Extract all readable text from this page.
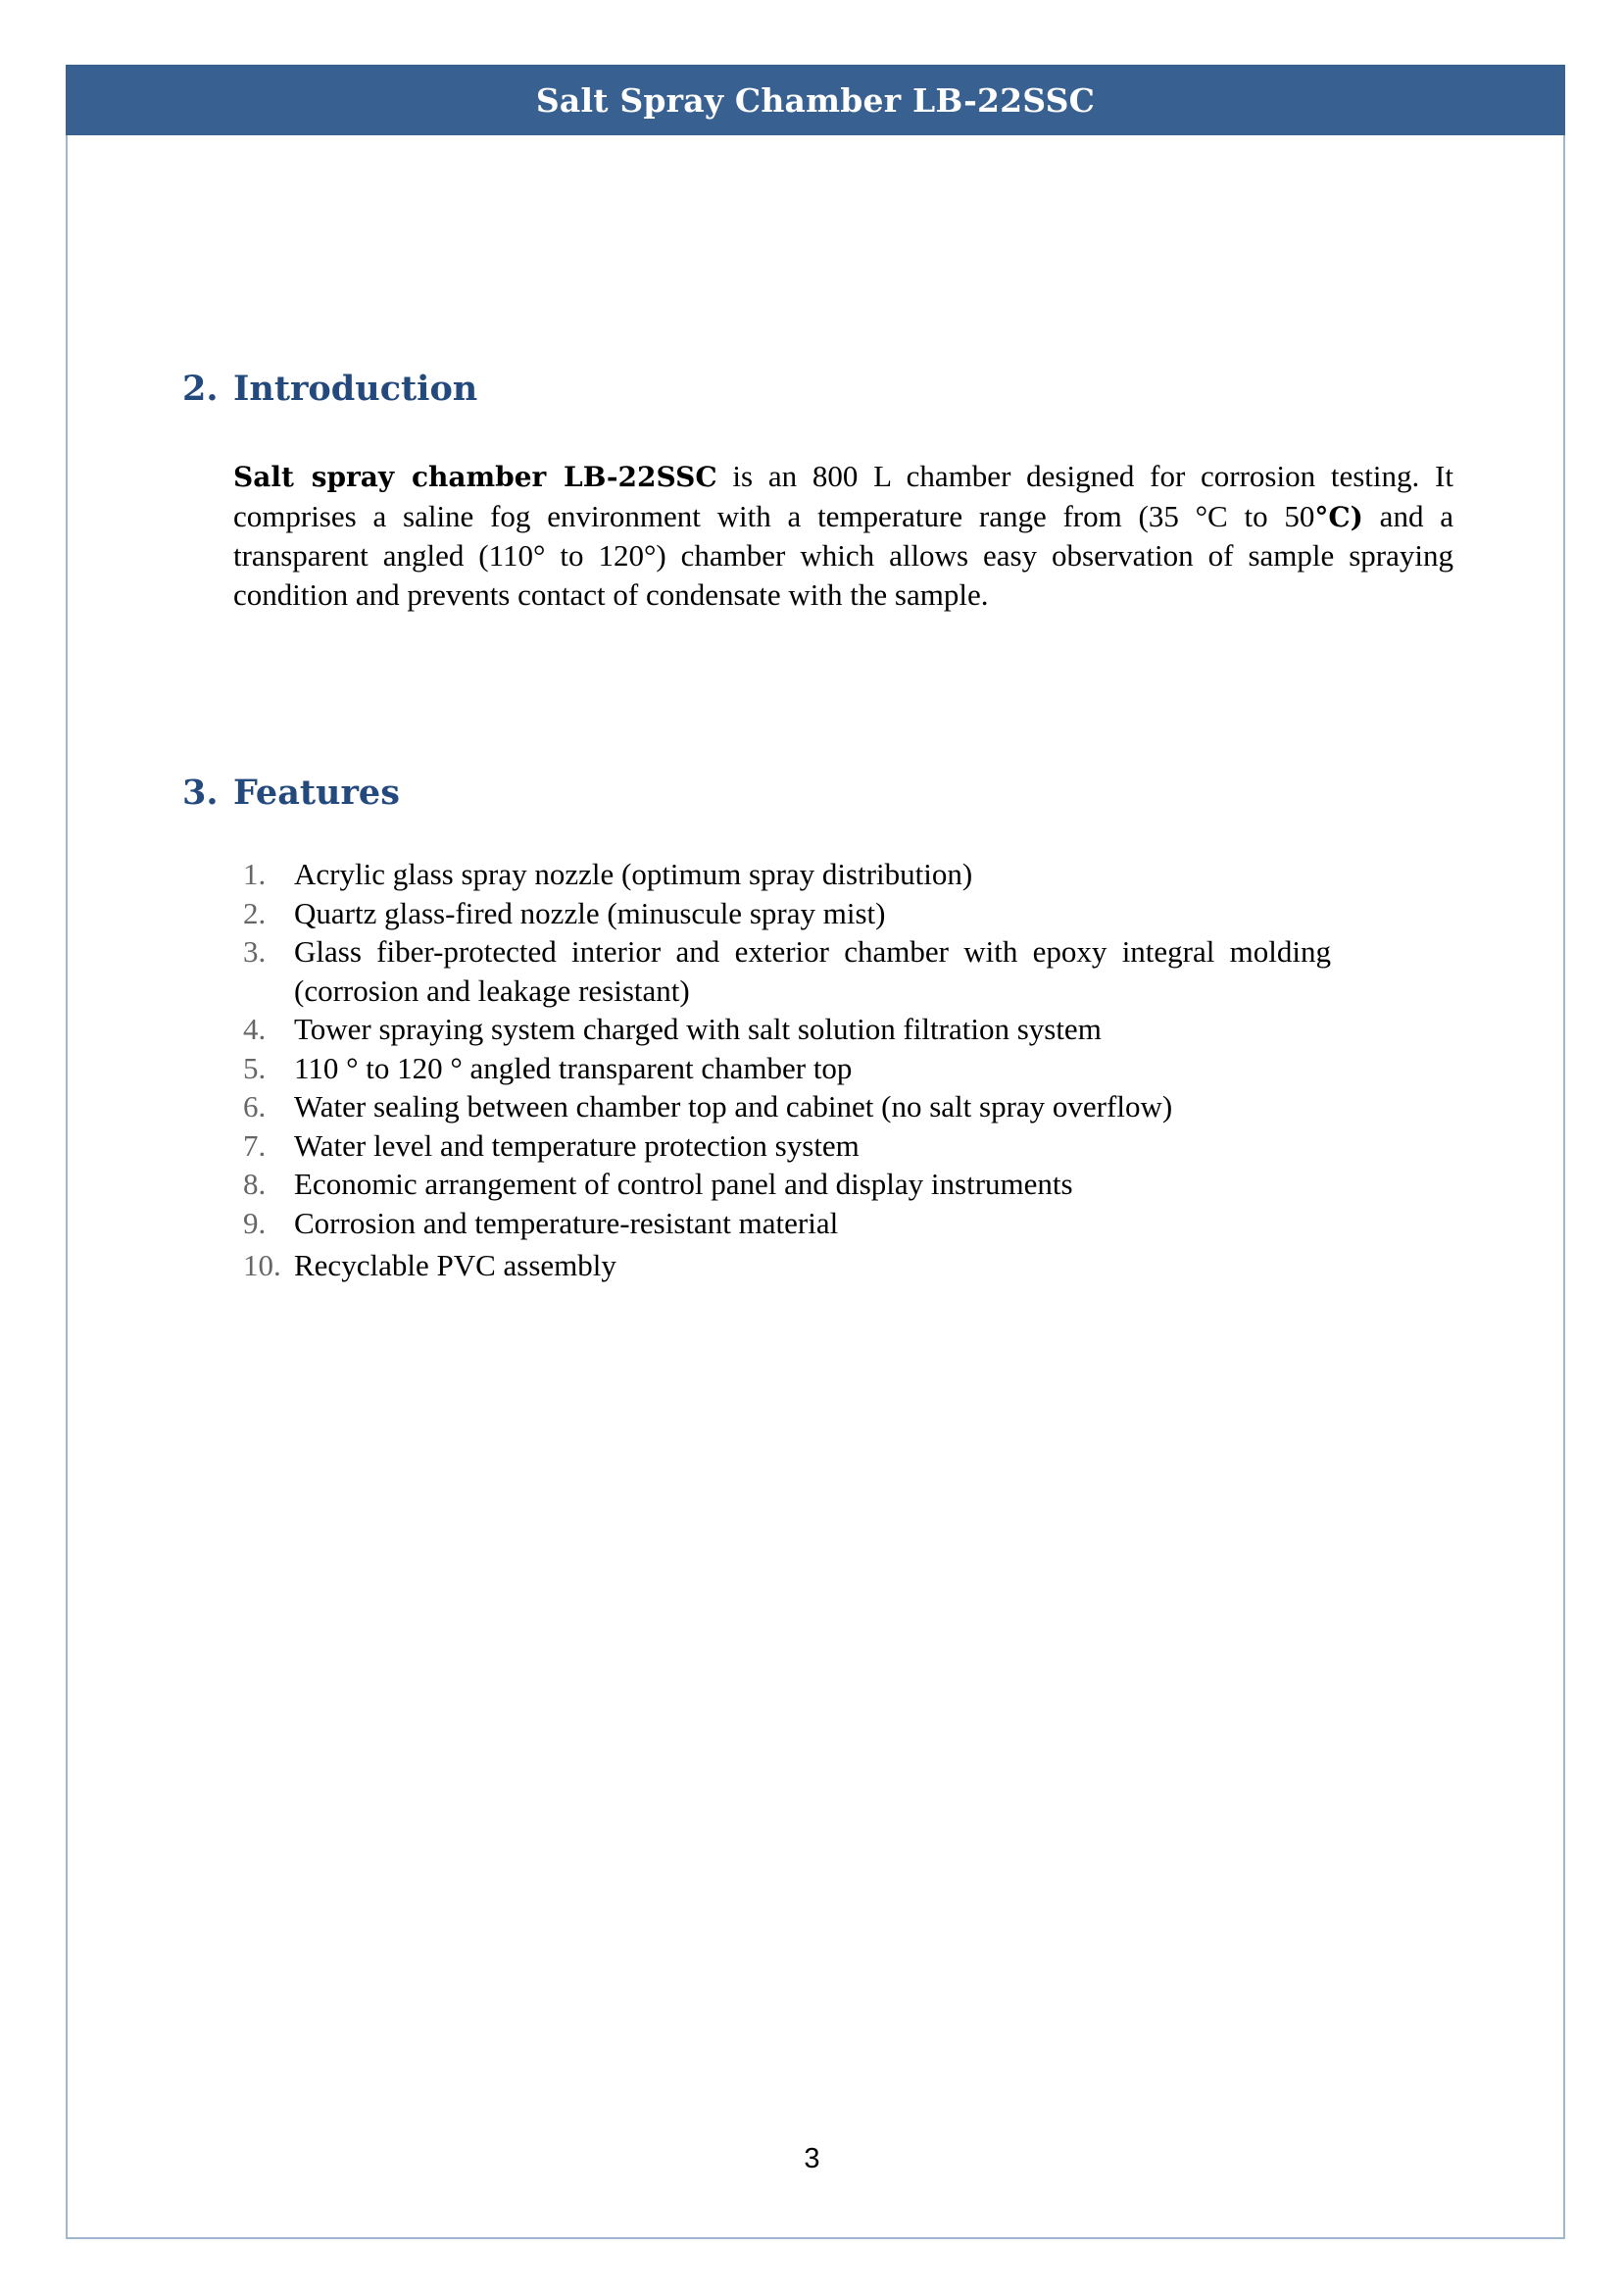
Salt Spray Chamber LB-22SSC
2. Introduction

Salt spray chamber LB-22SSC is an 800 L chamber designed for corrosion testing. It comprises a saline fog environment with a temperature range from (35 °C to 50°C) and a transparent angled (110° to 120°) chamber which allows easy observation of sample spraying condition and prevents contact of condensate with the sample.

3. Features
1. Acrylic glass spray nozzle (optimum spray distribution)
2. Quartz glass-fired nozzle (minuscule spray mist)
3. Glass fiber-protected interior and exterior chamber with epoxy integral molding (corrosion and leakage resistant)
4. Tower spraying system charged with salt solution filtration system
5. 110 ° to 120 ° angled transparent chamber top
6. Water sealing between chamber top and cabinet (no salt spray overflow)
7. Water level and temperature protection system
8. Economic arrangement of control panel and display instruments
9. Corrosion and temperature-resistant material
10. Recyclable PVC assembly
3
